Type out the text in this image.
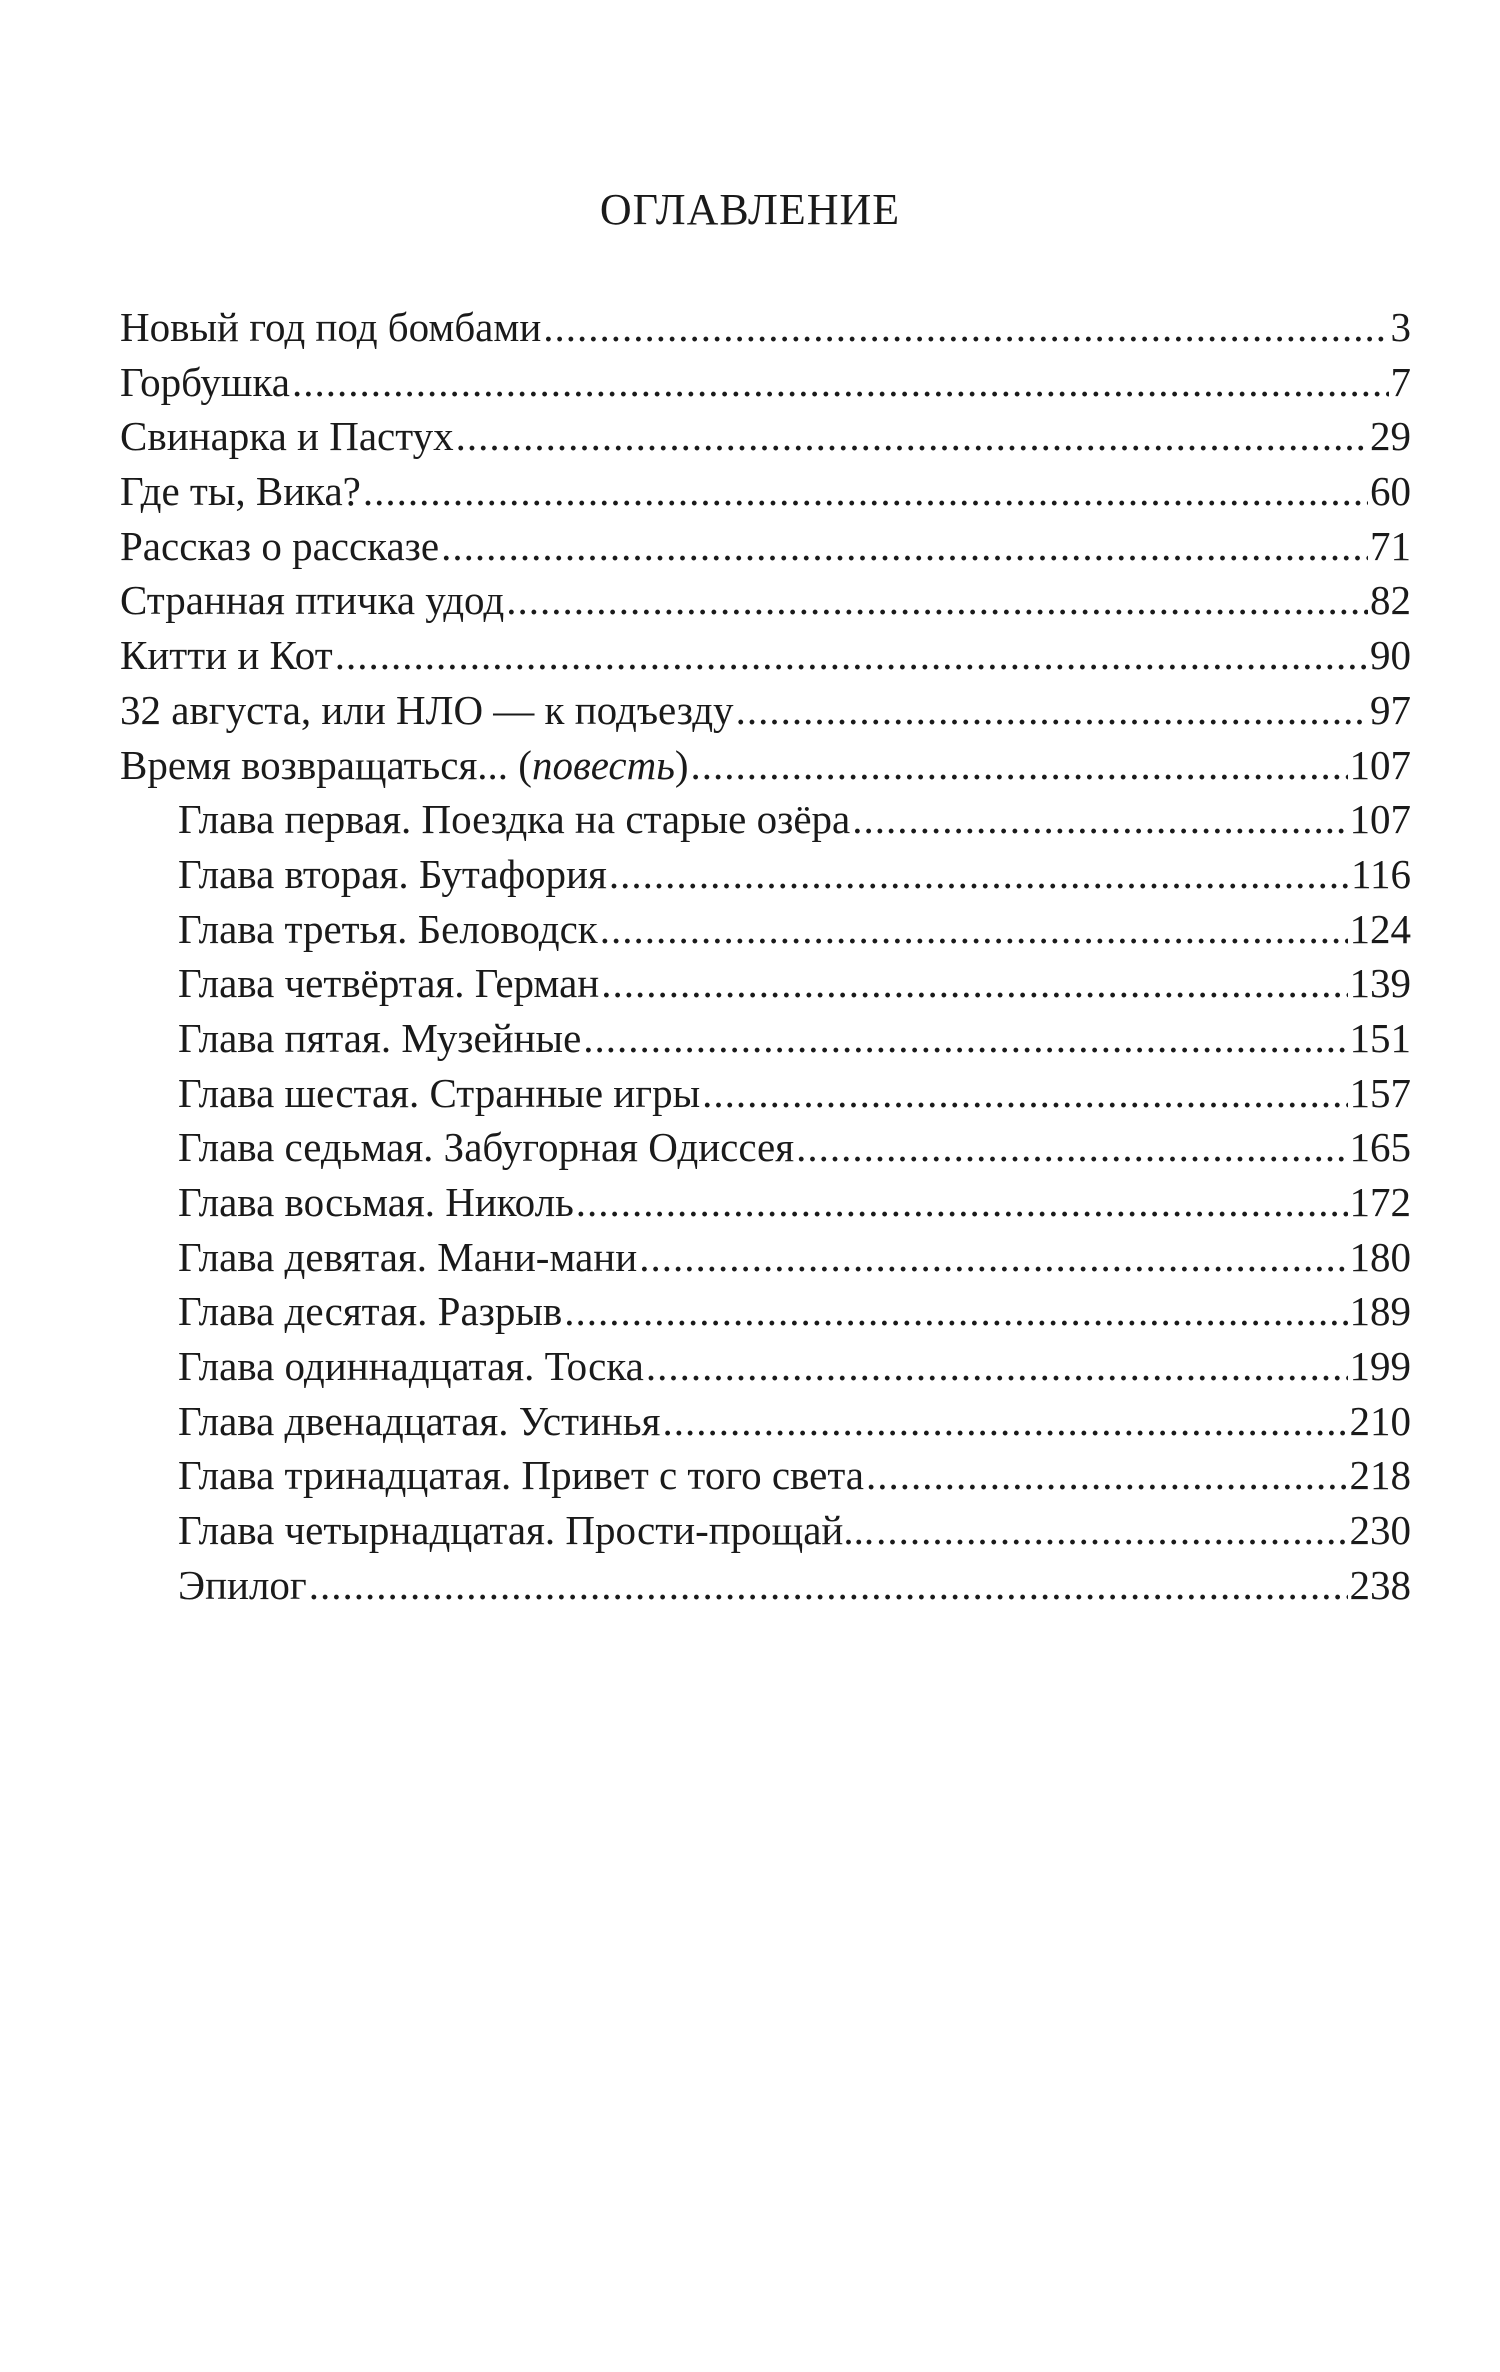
ОГЛАВЛЕНИЕ
Новый год под бомбами .....	3
Горбушка .....	7
Свинарка и Пастух .....	29
Где ты, Вика? .....	60
Рассказ о рассказе .....	71
Странная птичка удод .....	82
Китти и Кот .....	90
32 августа, или НЛО — к подъезду .....	97
Время возвращаться... (повесть) .....	107
Глава первая. Поездка на старые озёра .....	107
Глава вторая. Бутафория .....	116
Глава третья. Беловодск .....	124
Глава четвёртая. Герман .....	139
Глава пятая. Музейные .....	151
Глава шестая. Странные игры .....	157
Глава седьмая. Забугорная Одиссея .....	165
Глава восьмая. Николь .....	172
Глава девятая. Мани-мани .....	180
Глава десятая. Разрыв .....	189
Глава одиннадцатая. Тоска .....	199
Глава двенадцатая. Устинья .....	210
Глава тринадцатая. Привет с того света .....	218
Глава четырнадцатая. Прости-прощай... .....	230
Эпилог .....	238
